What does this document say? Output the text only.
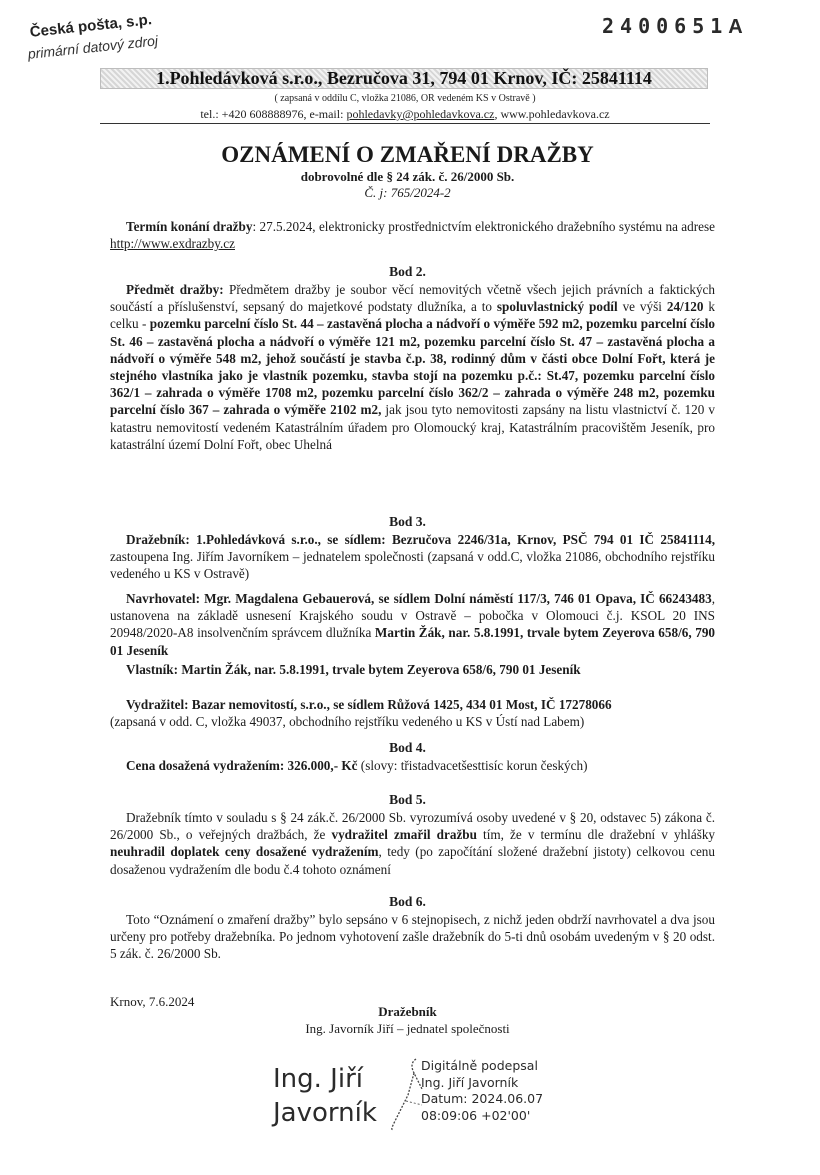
Česká pošta, s.p.
primární datový zdroj
2400651A
1.Pohledávková s.r.o., Bezručova 31, 794 01 Krnov, IČ: 25841114
( zapsaná v oddílu C, vložka 21086, OR vedeném KS v Ostravě )
tel.: +420 608888976, e-mail: pohledavky@pohledavkova.cz, www.pohledavkova.cz
OZNÁMENÍ O ZMAŘENÍ DRAŽBY
dobrovolné dle § 24 zák. č. 26/2000 Sb.
Č. j: 765/2024-2
Termín konání dražby: 27.5.2024, elektronicky prostřednictvím elektronického dražebního systému na adrese http://www.exdrazby.cz
Bod 2.
Předmět dražby: Předmětem dražby je soubor věcí nemovitých včetně všech jejich právních a faktických součástí a příslušenství, sepsaný do majetkové podstaty dlužníka, a to spoluvlastnický podíl ve výši 24/120 k celku - pozemku parcelní číslo St. 44 – zastavěná plocha a nádvoří o výměře 592 m2, pozemku parcelní číslo St. 46 – zastavěná plocha a nádvoří o výměře 121 m2, pozemku parcelní číslo St. 47 – zastavěná plocha a nádvoří o výměře 548 m2, jehož součástí je stavba č.p. 38, rodinný dům v části obce Dolní Fořt, která je stejného vlastníka jako je vlastník pozemku, stavba stojí na pozemku p.č.: St.47, pozemku parcelní číslo 362/1 – zahrada o výměře 1708 m2, pozemku parcelní číslo 362/2 – zahrada o výměře 248 m2, pozemku parcelní číslo 367 – zahrada o výměře 2102 m2, jak jsou tyto nemovitosti zapsány na listu vlastnictví č. 120 v katastru nemovitostí vedeném Katastrálním úřadem pro Olomoucký kraj, Katastrálním pracovištěm Jeseník, pro katastrální území Dolní Fořt, obec Uhelná
Bod 3.
Dražebník: 1.Pohledávková s.r.o., se sídlem: Bezručova 2246/31a, Krnov, PSČ 794 01 IČ 25841114, zastoupena Ing. Jiřím Javorníkem – jednatelem společnosti (zapsaná v odd.C, vložka 21086, obchodního rejstříku vedeného u KS v Ostravě)
Navrhovatel: Mgr. Magdalena Gebauerová, se sídlem Dolní náměstí 117/3, 746 01 Opava, IČ 66243483, ustanovena na základě usnesení Krajského soudu v Ostravě – pobočka v Olomouci č.j. KSOL 20 INS 20948/2020-A8 insolvenčním správcem dlužníka Martin Žák, nar. 5.8.1991, trvale bytem Zeyerova 658/6, 790 01 Jeseník
Vlastník: Martin Žák, nar. 5.8.1991, trvale bytem Zeyerova 658/6, 790 01 Jeseník
Vydražitel: Bazar nemovitostí, s.r.o., se sídlem Růžová 1425, 434 01 Most, IČ 17278066
(zapsaná v odd. C, vložka 49037, obchodního rejstříku vedeného u KS v Ústí nad Labem)
Bod 4.
Cena dosažená vydražením: 326.000,- Kč (slovy: třistadvacetšesttisíc korun českých)
Bod 5.
Dražebník tímto v souladu s § 24 zák.č. 26/2000 Sb. vyrozumívá osoby uvedené v § 20, odstavec 5) zákona č. 26/2000 Sb., o veřejných dražbách, že vydražitel zmařil dražbu tím, že v termínu dle dražební v yhlášky neuhradil doplatek ceny dosažené vydražením, tedy (po započítání složené dražební jistoty) celkovou cenu dosaženou vydražením dle bodu č.4 tohoto oznámení
Bod 6.
Toto “Oznámení o zmaření dražby” bylo sepsáno v 6 stejnopisech, z nichž jeden obdrží navrhovatel a dva jsou určeny pro potřeby dražebníka. Po jednom vyhotovení zašle dražebník do 5-ti dnů osobám uvedeným v § 20 odst. 5 zák. č. 26/2000 Sb.
Krnov, 7.6.2024
Dražebník
Ing. Javorník Jiří – jednatel společnosti
Ing. Jiří
Javorník
Digitálně podepsal
Ing. Jiří Javorník
Datum: 2024.06.07
08:09:06 +02'00'
